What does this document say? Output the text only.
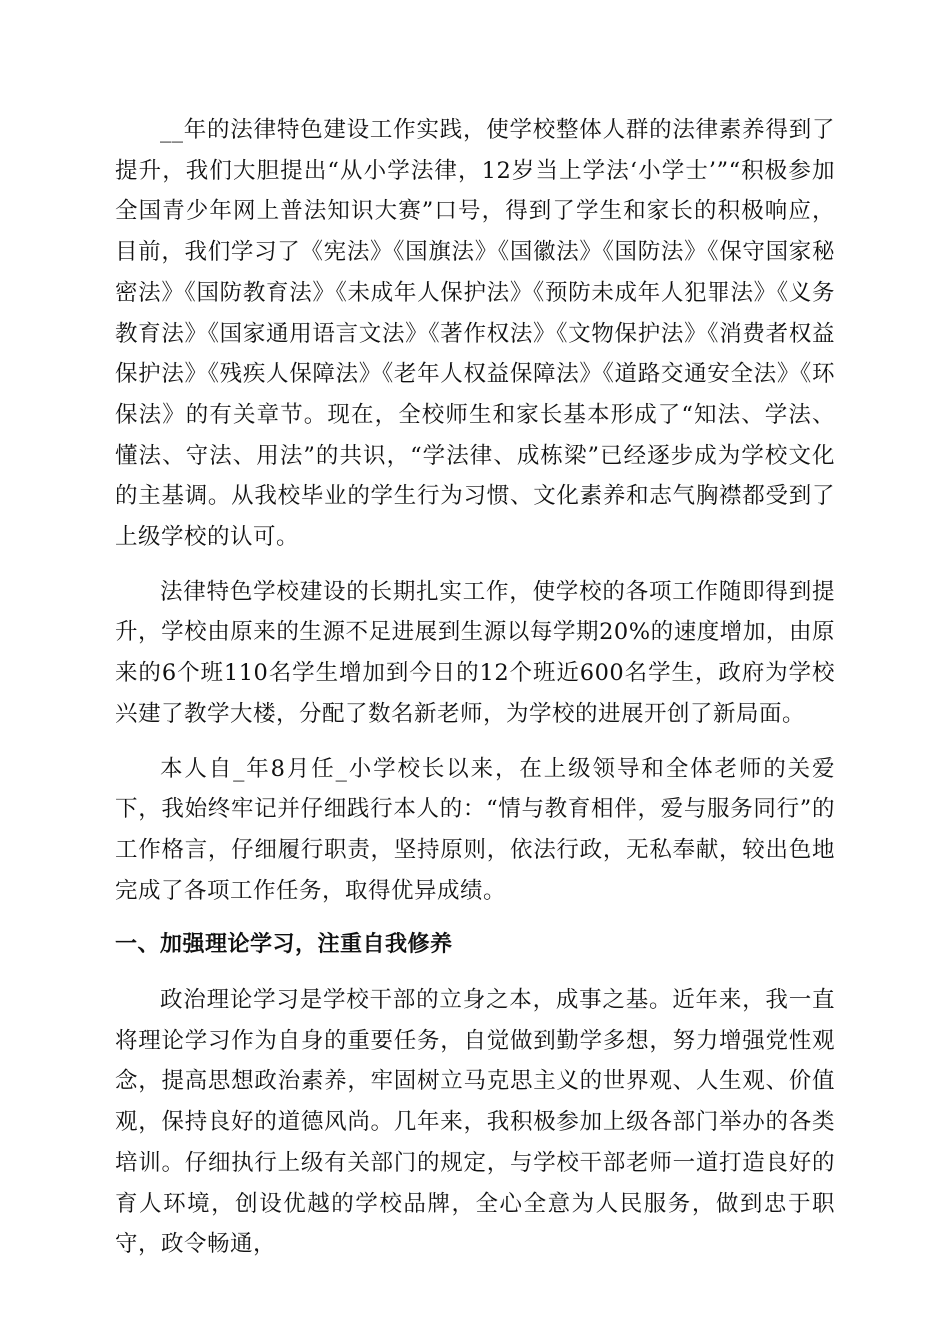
__年的法律特色建设工作实践，使学校整体人群的法律素养得到了提升，我们大胆提出“从小学法律，12岁当上学法‘小学士’”“积极参加全国青少年网上普法知识大赛”口号，得到了学生和家长的积极响应，目前，我们学习了《宪法》《国旗法》《国徽法》《国防法》《保守国家秘密法》《国防教育法》《未成年人保护法》《预防未成年人犯罪法》《义务教育法》《国家通用语言文法》《著作权法》《文物保护法》《消费者权益保护法》《残疾人保障法》《老年人权益保障法》《道路交通安全法》《环保法》的有关章节。现在，全校师生和家长基本形成了“知法、学法、懂法、守法、用法”的共识，“学法律、成栋梁”已经逐步成为学校文化的主基调。从我校毕业的学生行为习惯、文化素养和志气胸襟都受到了上级学校的认可。

法律特色学校建设的长期扎实工作，使学校的各项工作随即得到提升，学校由原来的生源不足进展到生源以每学期20%的速度增加，由原来的6个班110名学生增加到今日的12个班近600名学生，政府为学校兴建了教学大楼，分配了数名新老师，为学校的进展开创了新局面。

本人自_年8月任_小学校长以来，在上级领导和全体老师的关爱下，我始终牢记并仔细践行本人的：“情与教育相伴，爱与服务同行”的工作格言，仔细履行职责，坚持原则，依法行政，无私奉献，较出色地完成了各项工作任务，取得优异成绩。

一、加强理论学习，注重自我修养

政治理论学习是学校干部的立身之本，成事之基。近年来，我一直将理论学习作为自身的重要任务，自觉做到勤学多想，努力增强党性观念，提高思想政治素养，牢固树立马克思主义的世界观、人生观、价值观，保持良好的道德风尚。几年来，我积极参加上级各部门举办的各类培训。仔细执行上级有关部门的规定，与学校干部老师一道打造良好的育人环境，创设优越的学校品牌，全心全意为人民服务，做到忠于职守，政令畅通，
